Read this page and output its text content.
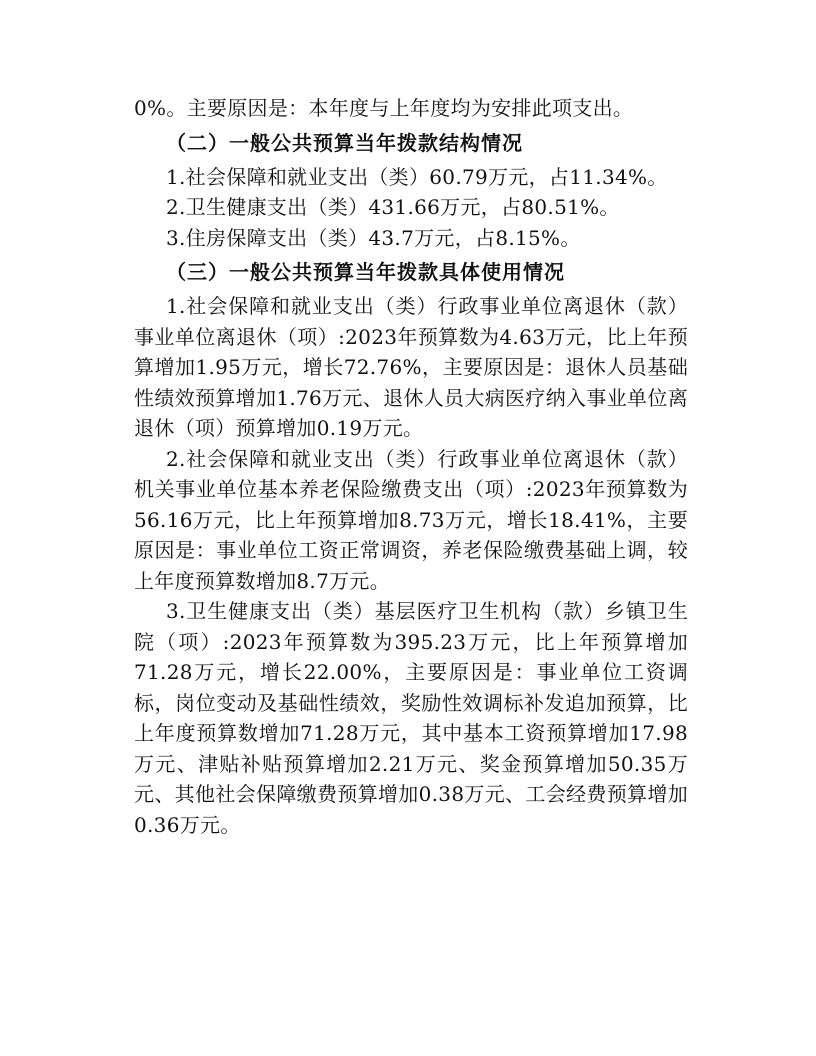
0%。主要原因是：本年度与上年度均为安排此项支出。

（二）一般公共预算当年拨款结构情况

1.社会保障和就业支出（类）60.79万元，占11.34%。

2.卫生健康支出（类）431.66万元，占80.51%。

3.住房保障支出（类）43.7万元，占8.15%。

（三）一般公共预算当年拨款具体使用情况

1.社会保障和就业支出（类）行政事业单位离退休（款）事业单位离退休（项）:2023年预算数为4.63万元，比上年预算增加1.95万元，增长72.76%，主要原因是：退休人员基础性绩效预算增加1.76万元、退休人员大病医疗纳入事业单位离退休（项）预算增加0.19万元。

2.社会保障和就业支出（类）行政事业单位离退休（款）机关事业单位基本养老保险缴费支出（项）:2023年预算数为56.16万元，比上年预算增加8.73万元，增长18.41%，主要原因是：事业单位工资正常调资，养老保险缴费基础上调，较上年度预算数增加8.7万元。

3.卫生健康支出（类）基层医疗卫生机构（款）乡镇卫生院（项）:2023年预算数为395.23万元，比上年预算增加71.28万元，增长22.00%，主要原因是：事业单位工资调标，岗位变动及基础性绩效，奖励性效调标补发追加预算，比上年度预算数增加71.28万元，其中基本工资预算增加17.98万元、津贴补贴预算增加2.21万元、奖金预算增加50.35万元、其他社会保障缴费预算增加0.38万元、工会经费预算增加0.36万元。
